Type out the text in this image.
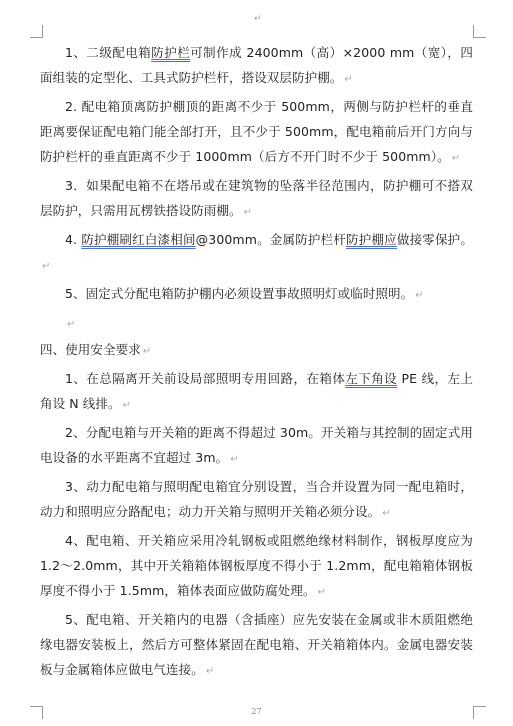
↵

1、二级配电箱防护栏可制作成 2400mm（高）×2000 mm（宽），四面组装的定型化、工具式防护栏杆，搭设双层防护棚。 ↵

2. 配电箱顶离防护棚顶的距离不少于 500mm，两侧与防护栏杆的垂直距离要保证配电箱门能全部打开，且不少于 500mm，配电箱前后开门方向与防护栏杆的垂直距离不少于 1000mm（后方不开门时不少于 500mm）。 ↵

3．如果配电箱不在塔吊或在建筑物的坠落半径范围内，防护棚可不搭双层防护，只需用瓦楞铁搭设防雨棚。 ↵

4. 防护棚刷红白漆相间@300mm。金属防护栏杆防护棚应做接零保护。↵

5、固定式分配电箱防护棚内必须设置事故照明灯或临时照明。 ↵

↵

四、使用安全要求 ↵

1、在总隔离开关前设局部照明专用回路，在箱体左下角设 PE 线，左上角设 N 线排。 ↵

2、分配电箱与开关箱的距离不得超过 30m。开关箱与其控制的固定式用电设备的水平距离不宜超过 3m。 ↵

3、动力配电箱与照明配电箱宜分别设置，当合并设置为同一配电箱时，动力和照明应分路配电；动力开关箱与照明开关箱必须分设。 ↵

4、配电箱、开关箱应采用冷轧钢板或阻燃绝缘材料制作，钢板厚度应为 1.2～2.0mm，其中开关箱箱体钢板厚度不得小于 1.2mm，配电箱箱体钢板厚度不得小于 1.5mm，箱体表面应做防腐处理。 ↵

5、配电箱、开关箱内的电器（含插座）应先安装在金属或非木质阻燃绝缘电器安装板上，然后方可整体紧固在配电箱、开关箱箱体内。金属电器安装板与金属箱体应做电气连接。 ↵

27
